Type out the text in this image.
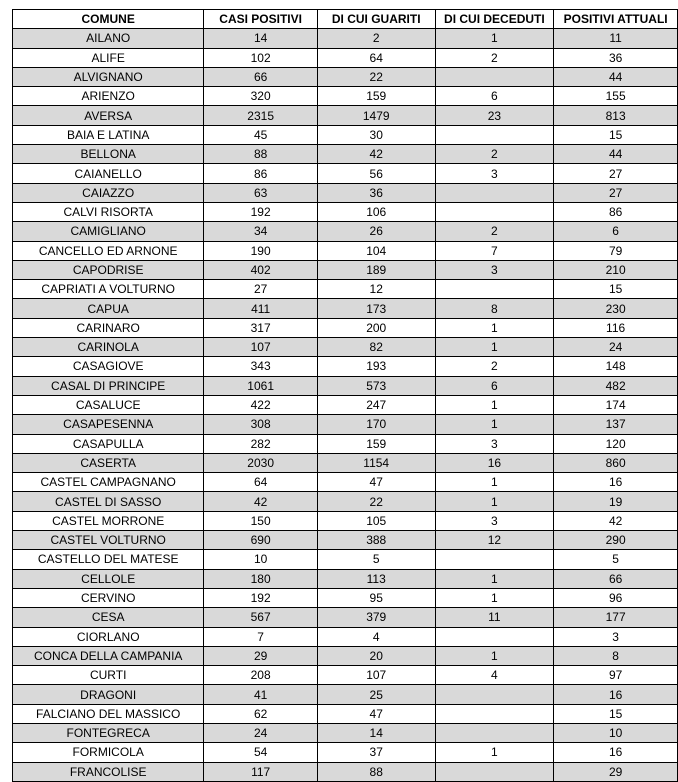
COMUNE	CASI POSITIVI	DI CUI GUARITI	DI CUI DECEDUTI	POSITIVI ATTUALI
AILANO	14	2	1	11
ALIFE	102	64	2	36
ALVIGNANO	66	22		44
ARIENZO	320	159	6	155
AVERSA	2315	1479	23	813
BAIA E LATINA	45	30		15
BELLONA	88	42	2	44
CAIANELLO	86	56	3	27
CAIAZZO	63	36		27
CALVI RISORTA	192	106		86
CAMIGLIANO	34	26	2	6
CANCELLO ED ARNONE	190	104	7	79
CAPODRISE	402	189	3	210
CAPRIATI A VOLTURNO	27	12		15
CAPUA	411	173	8	230
CARINARO	317	200	1	116
CARINOLA	107	82	1	24
CASAGIOVE	343	193	2	148
CASAL DI PRINCIPE	1061	573	6	482
CASALUCE	422	247	1	174
CASAPESENNA	308	170	1	137
CASAPULLA	282	159	3	120
CASERTA	2030	1154	16	860
CASTEL CAMPAGNANO	64	47	1	16
CASTEL DI SASSO	42	22	1	19
CASTEL MORRONE	150	105	3	42
CASTEL VOLTURNO	690	388	12	290
CASTELLO DEL MATESE	10	5		5
CELLOLE	180	113	1	66
CERVINO	192	95	1	96
CESA	567	379	11	177
CIORLANO	7	4		3
CONCA DELLA CAMPANIA	29	20	1	8
CURTI	208	107	4	97
DRAGONI	41	25		16
FALCIANO DEL MASSICO	62	47		15
FONTEGRECA	24	14		10
FORMICOLA	54	37	1	16
FRANCOLISE	117	88		29
